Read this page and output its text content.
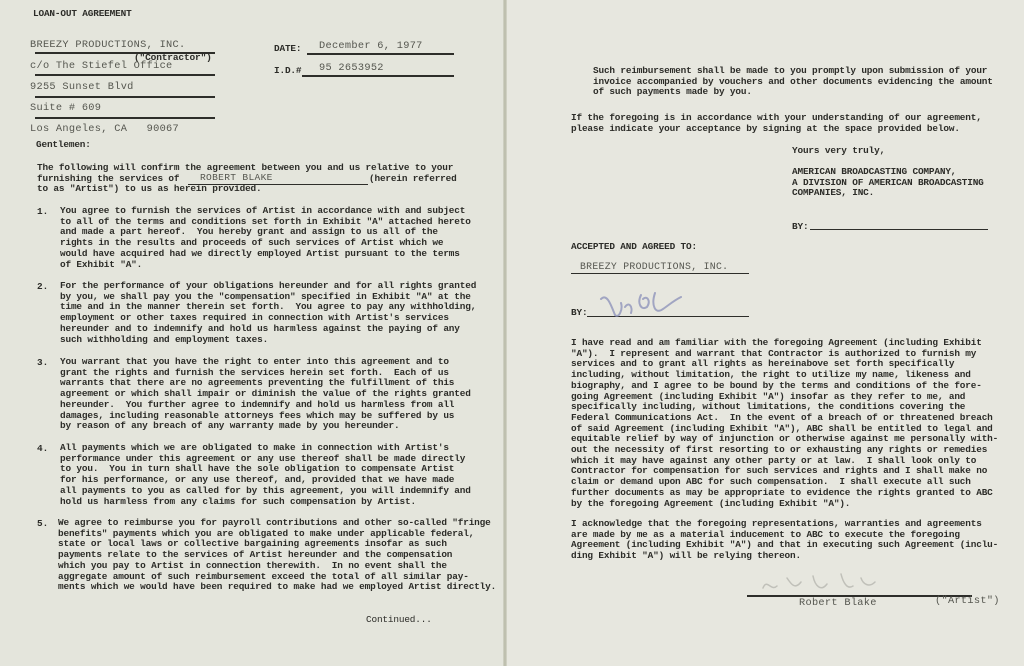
LOAN-OUT AGREEMENT
BREEZY PRODUCTIONS, INC.
("Contractor")
c/o The Stiefel Office
9255 Sunset Blvd
Suite # 609
Los Angeles, CA   90067
Gentlemen:
DATE: December 6, 1977
I.D.# 95 2653952
The following will confirm the agreement between you and us relative to your
furnishing the services of ROBERT BLAKE	(herein referred
to as "Artist") to us as herein provided.
1. You agree to furnish the services of Artist in accordance with and subject
to all of the terms and conditions set forth in Exhibit "A" attached hereto
and made a part hereof.  You hereby grant and assign to us all of the
rights in the results and proceeds of such services of Artist which we
would have acquired had we directly employed Artist pursuant to the terms
of Exhibit "A".
2. For the performance of your obligations hereunder and for all rights granted
by you, we shall pay you the "compensation" specified in Exhibit "A" at the
time and in the manner therein set forth.  You agree to pay any withholding,
employment or other taxes required in connection with Artist's services
hereunder and to indemnify and hold us harmless against the paying of any
such withholding and employment taxes.
3. You warrant that you have the right to enter into this agreement and to
grant the rights and furnish the services herein set forth.  Each of us
warrants that there are no agreements preventing the fulfillment of this
agreement or which shall impair or diminish the value of the rights granted
hereunder.  You further agree to indemnify and hold us harmless from all
damages, including reasonable attorneys fees which may be suffered by us
by reason of any breach of any warranty made by you hereunder.
4. All payments which we are obligated to make in connection with Artist's
performance under this agreement or any use thereof shall be made directly
to you.  You in turn shall have the sole obligation to compensate Artist
for his performance, or any use thereof, and, provided that we have made
all payments to you as called for by this agreement, you will indemnify and
hold us harmless from any claims for such compensation by Artist.
5. We agree to reimburse you for payroll contributions and other so-called "fringe
benefits" payments which you are obligated to make under applicable federal,
state or local laws or collective bargaining agreements insofar as such
payments relate to the services of Artist hereunder and the compensation
which you pay to Artist in connection therewith.  In no event shall the
aggregate amount of such reimbursement exceed the total of all similar pay-
ments which we would have been required to make had we employed Artist directly.
Continued...
Such reimbursement shall be made to you promptly upon submission of your
invoice accompanied by vouchers and other documents evidencing the amount
of such payments made by you.
If the foregoing is in accordance with your understanding of our agreement,
please indicate your acceptance by signing at the space provided below.
Yours very truly,
AMERICAN BROADCASTING COMPANY,
A DIVISION OF AMERICAN BROADCASTING
COMPANIES, INC.
BY:
ACCEPTED AND AGREED TO:
BREEZY PRODUCTIONS, INC.
BY:
I have read and am familiar with the foregoing Agreement (including Exhibit
"A").  I represent and warrant that Contractor is authorized to furnish my
services and to grant all rights as hereinabove set forth specifically
including, without limitation, the right to utilize my name, likeness and
biography, and I agree to be bound by the terms and conditions of the fore-
going Agreement (including Exhibit "A") insofar as they refer to me, and
specifically including, without limitations, the conditions covering the
Federal Communications Act.  In the event of a breach of or threatened breach
of said Agreement (including Exhibit "A"), ABC shall be entitled to legal and
equitable relief by way of injunction or otherwise against me personally with-
out the necessity of first resorting to or exhausting any rights or remedies
which it may have against any other party or at law.  I shall look only to
Contractor for compensation for such services and rights and I shall make no
claim or demand upon ABC for such compensation.  I shall execute all such
further documents as may be appropriate to evidence the rights granted to ABC
by the foregoing Agreement (including Exhibit "A").
I acknowledge that the foregoing representations, warranties and agreements
are made by me as a material inducement to ABC to execute the foregoing
Agreement (including Exhibit "A") and that in executing such Agreement (inclu-
ding Exhibit "A") will be relying thereon.
Robert Blake	("Artist")
